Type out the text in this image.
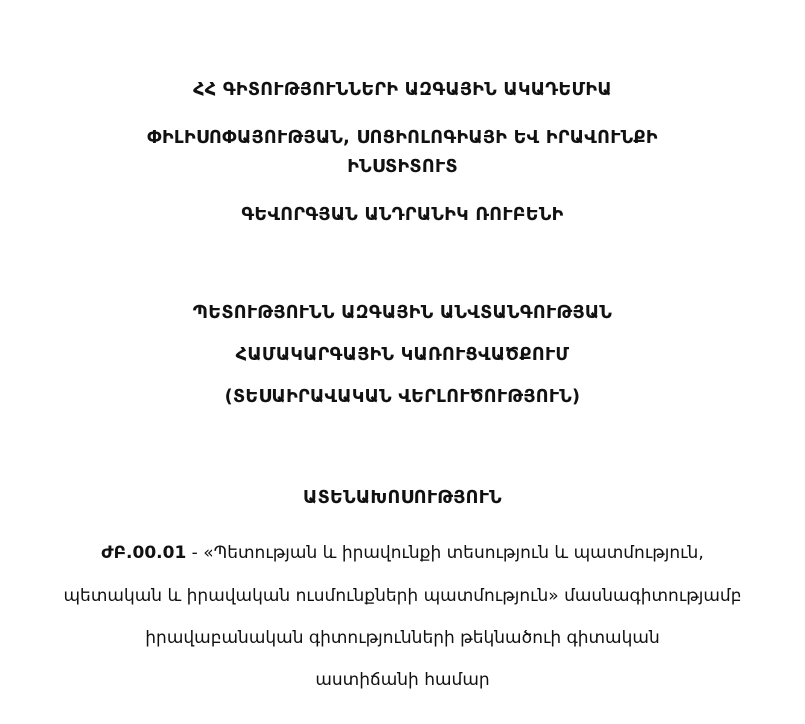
ՀՀ ԳԻՏՈՒԹՅՈՒՆՆԵՐԻ ԱԶԳԱՅԻՆ ԱԿԱԴԵՄԻԱ
ՓԻԼԻՍՈՓԱՅՈՒԹՅԱՆ, ՍՈՑԻՈԼՈԳԻԱՅԻ ԵՎ ԻՐԱՎՈՒՆՔԻ
ԻՆՍՏԻՏՈՒՏ
ԳԵՎՈՐԳՅԱՆ ԱՆԴՐԱՆԻԿ ՌՈՒԲԵՆԻ
ՊԵՏՈՒԹՅՈՒՆՆ ԱԶԳԱՅԻՆ ԱՆՎՏԱՆԳՈՒԹՅԱՆ
ՀԱՄԱԿԱՐԳԱՅԻՆ ԿԱՌՈՒՑՎԱԾՔՈՒՄ
(ՏԵՍԱԻՐԱՎԱԿԱՆ ՎԵՐԼՈՒԾՈՒԹՅՈՒՆ)
ԱՏԵՆԱԽՈՍՈՒԹՅՈՒՆ
ԺԲ.00.01 - «Պետության և իրավունքի տեսություն և պատմություն,
պետական և իրավական ուսմունքների պատմություն» մասնագիտությամբ
իրավաբանական գիտությունների թեկնածուի գիտական
աստիճանի համար
